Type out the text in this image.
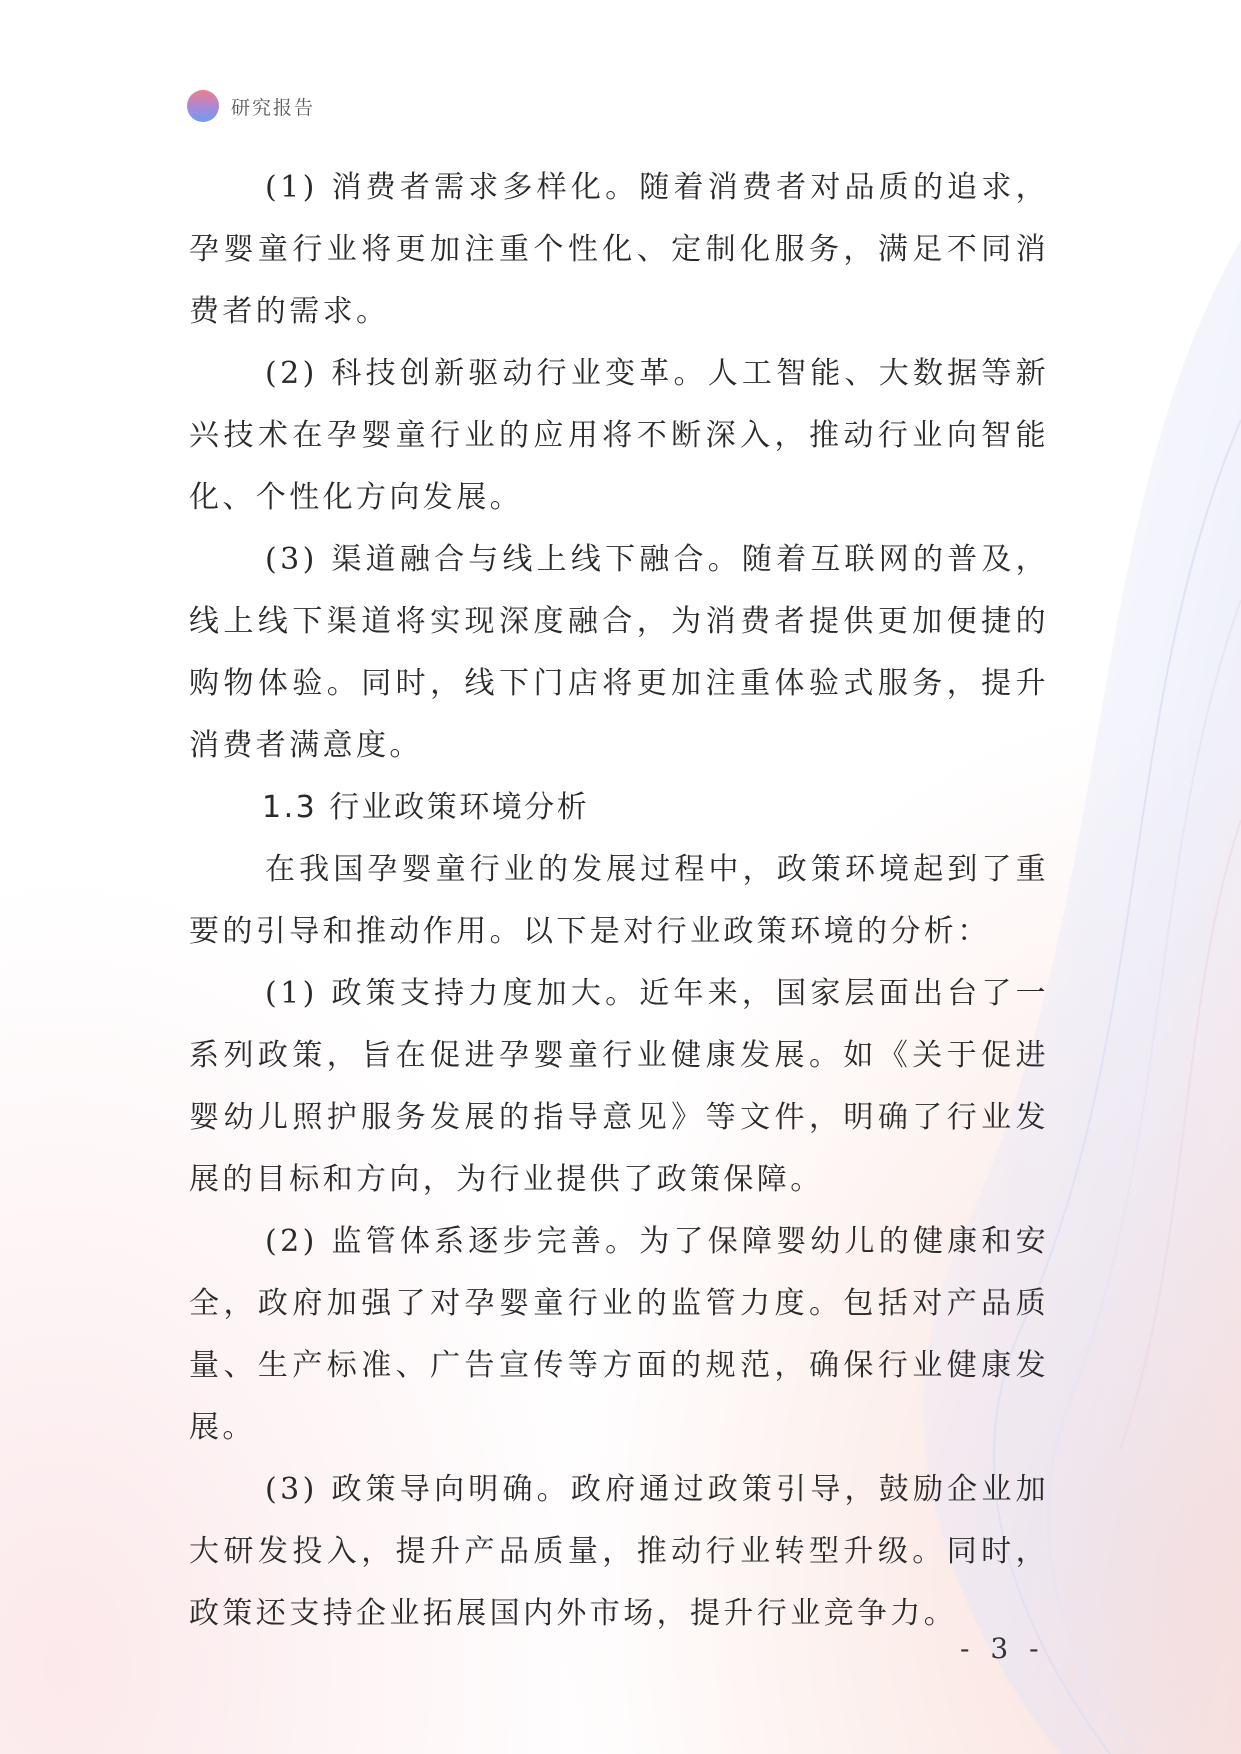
研究报告

(1) 消费者需求多样化。随着消费者对品质的追求，孕婴童行业将更加注重个性化、定制化服务，满足不同消费者的需求。

(2) 科技创新驱动行业变革。人工智能、大数据等新兴技术在孕婴童行业的应用将不断深入，推动行业向智能化、个性化方向发展。

(3) 渠道融合与线上线下融合。随着互联网的普及，线上线下渠道将实现深度融合，为消费者提供更加便捷的购物体验。同时，线下门店将更加注重体验式服务，提升消费者满意度。

1.3 行业政策环境分析

在我国孕婴童行业的发展过程中，政策环境起到了重要的引导和推动作用。以下是对行业政策环境的分析：

(1) 政策支持力度加大。近年来，国家层面出台了一系列政策，旨在促进孕婴童行业健康发展。如《关于促进婴幼儿照护服务发展的指导意见》等文件，明确了行业发展的目标和方向，为行业提供了政策保障。

(2) 监管体系逐步完善。为了保障婴幼儿的健康和安全，政府加强了对孕婴童行业的监管力度。包括对产品质量、生产标准、广告宣传等方面的规范，确保行业健康发展。

(3) 政策导向明确。政府通过政策引导，鼓励企业加大研发投入，提升产品质量，推动行业转型升级。同时，政策还支持企业拓展国内外市场，提升行业竞争力。

- 3 -
